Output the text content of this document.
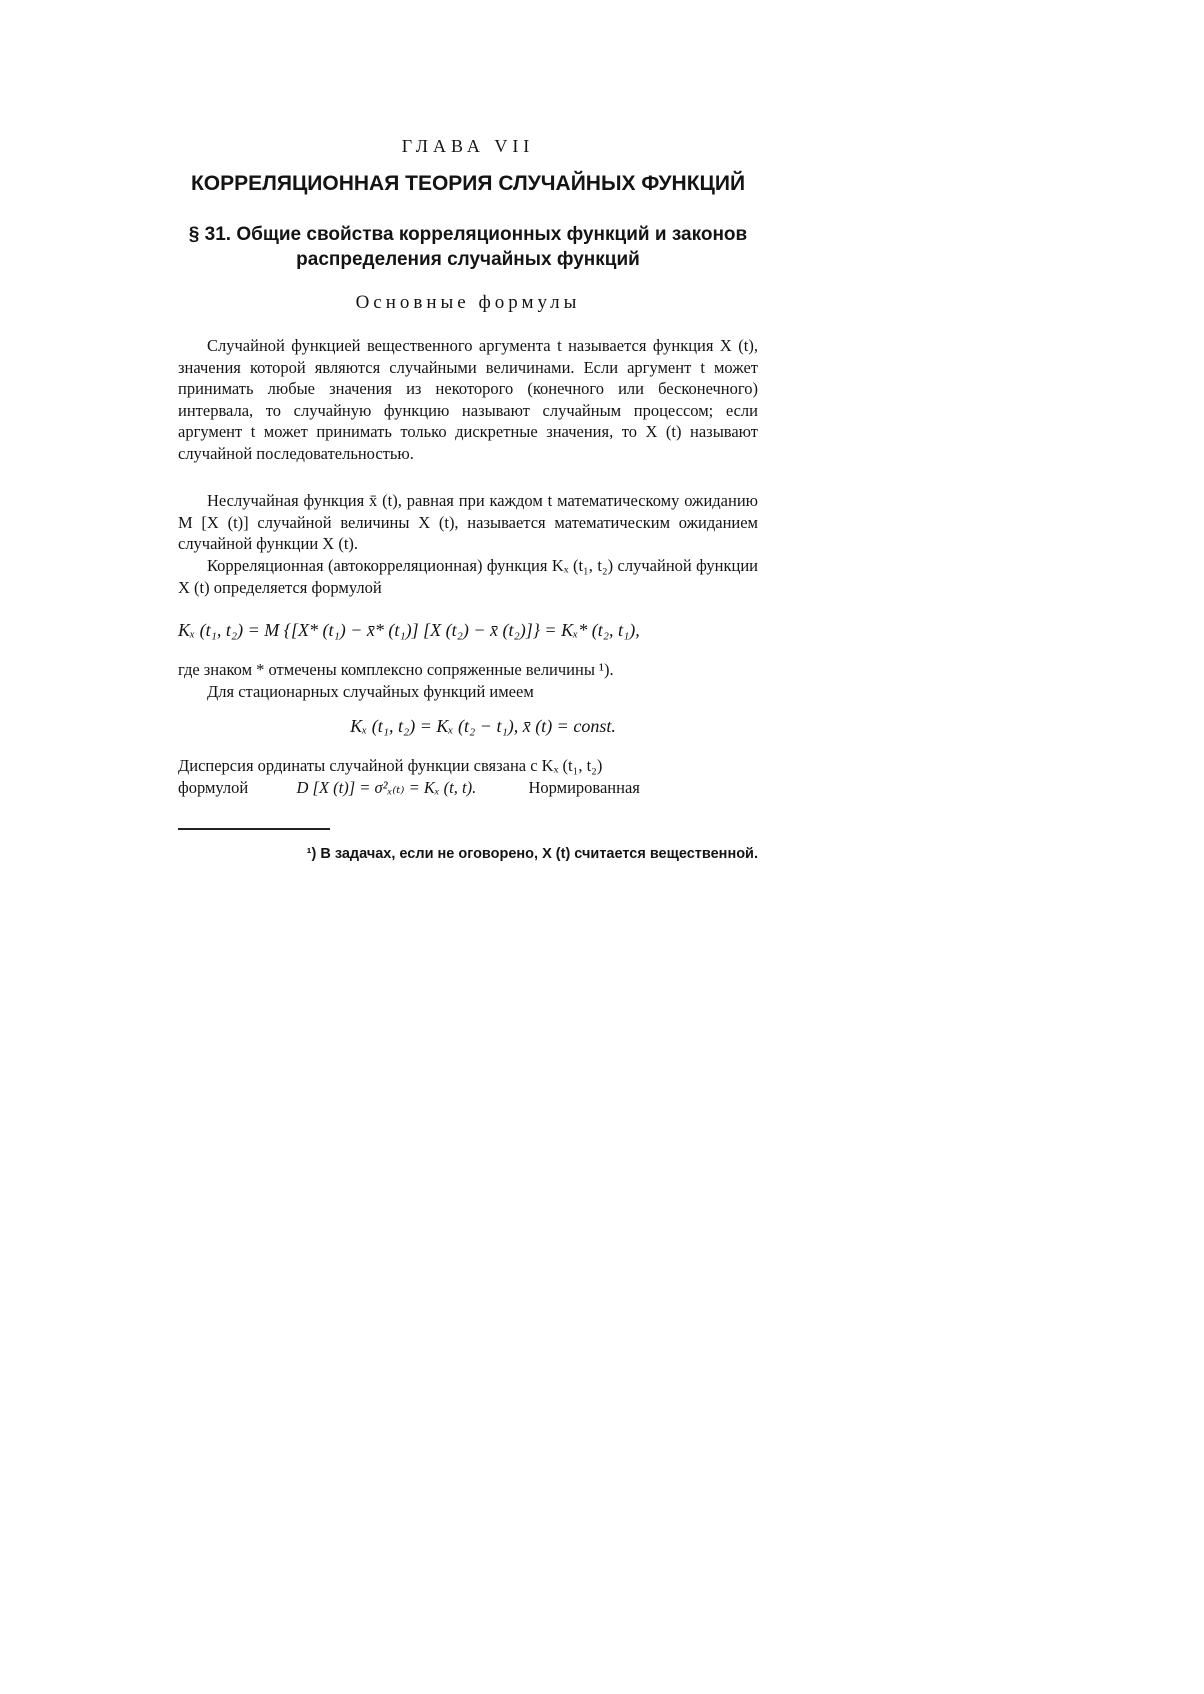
ГЛАВА VII
КОРРЕЛЯЦИОННАЯ ТЕОРИЯ СЛУЧАЙНЫХ ФУНКЦИЙ
§ 31. Общие свойства корреляционных функций и законов
распределения случайных функций
Основные формулы

Случайной функцией вещественного аргумента t называется функция X (t), значения которой являются случайными величинами. Если аргумент t может принимать любые значения из некоторого (конечного или бесконечного) интервала, то случайную функцию называют случайным процессом; если аргумент t может принимать только дискретные значения, то X (t) называют случайной последовательностью.

Неслучайная функция x̄ (t), равная при каждом t математическому ожиданию M [X (t)] случайной величины X (t), называется математическим ожиданием случайной функции X (t).

Корреляционная (автокорреляционная) функция Kₓ (t₁, t₂) случайной функции X (t) определяется формулой

Kₓ (t₁, t₂) = M {[X* (t₁) − x̄* (t₁)] [X (t₂) − x̄ (t₂)]} = Kₓ* (t₂, t₁),
где знаком * отмечены комплексно сопряженные величины ¹).
Для стационарных случайных функций имеем
Kₓ (t₁, t₂) = Kₓ (t₂ − t₁), x̄ (t) = const.
Дисперсия ординаты случайной функции связана с Kₓ (t₁, t₂)
формулой	D [X (t)] = σ²ₓ₍ₜ₎ = Kₓ (t, t).	Нормированная
¹) В задачах, если не оговорено, X (t) считается вещественной.
